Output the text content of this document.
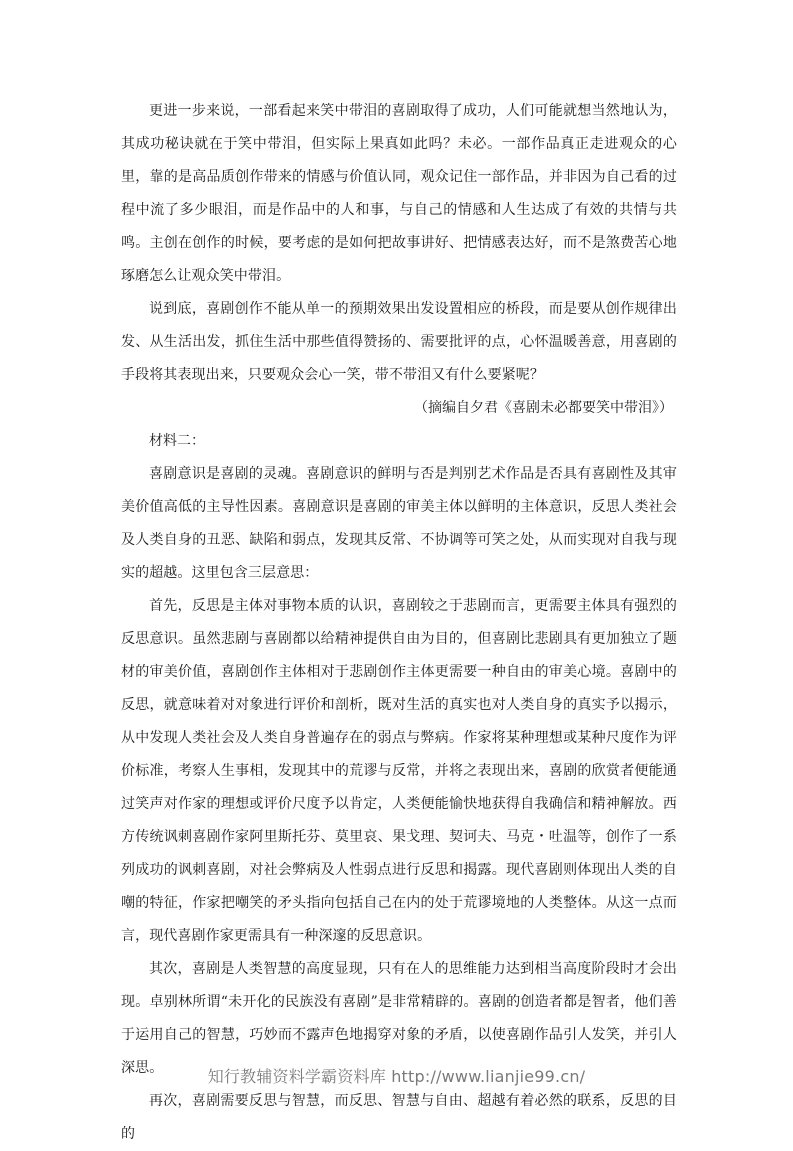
更进一步来说，一部看起来笑中带泪的喜剧取得了成功，人们可能就想当然地认为，其成功秘诀就在于笑中带泪，但实际上果真如此吗？未必。一部作品真正走进观众的心里，靠的是高品质创作带来的情感与价值认同，观众记住一部作品，并非因为自己看的过程中流了多少眼泪，而是作品中的人和事，与自己的情感和人生达成了有效的共情与共鸣。主创在创作的时候，要考虑的是如何把故事讲好、把情感表达好，而不是煞费苦心地琢磨怎么让观众笑中带泪。

说到底，喜剧创作不能从单一的预期效果出发设置相应的桥段，而是要从创作规律出发、从生活出发，抓住生活中那些值得赞扬的、需要批评的点，心怀温暖善意，用喜剧的手段将其表现出来，只要观众会心一笑，带不带泪又有什么要紧呢？

（摘编自夕君《喜剧未必都要笑中带泪》）

材料二：

喜剧意识是喜剧的灵魂。喜剧意识的鲜明与否是判别艺术作品是否具有喜剧性及其审美价值高低的主导性因素。喜剧意识是喜剧的审美主体以鲜明的主体意识，反思人类社会及人类自身的丑恶、缺陷和弱点，发现其反常、不协调等可笑之处，从而实现对自我与现实的超越。这里包含三层意思：

首先，反思是主体对事物本质的认识，喜剧较之于悲剧而言，更需要主体具有强烈的反思意识。虽然悲剧与喜剧都以给精神提供自由为目的，但喜剧比悲剧具有更加独立了题材的审美价值，喜剧创作主体相对于悲剧创作主体更需要一种自由的审美心境。喜剧中的反思，就意味着对对象进行评价和剖析，既对生活的真实也对人类自身的真实予以揭示，从中发现人类社会及人类自身普遍存在的弱点与弊病。作家将某种理想或某种尺度作为评价标准，考察人生事相，发现其中的荒谬与反常，并将之表现出来，喜剧的欣赏者便能通过笑声对作家的理想或评价尺度予以肯定，人类便能愉快地获得自我确信和精神解放。西方传统讽刺喜剧作家阿里斯托芬、莫里哀、果戈理、契诃夫、马克・吐温等，创作了一系列成功的讽刺喜剧，对社会弊病及人性弱点进行反思和揭露。现代喜剧则体现出人类的自嘲的特征，作家把嘲笑的矛头指向包括自己在内的处于荒谬境地的人类整体。从这一点而言，现代喜剧作家更需具有一种深邃的反思意识。

其次，喜剧是人类智慧的高度显现，只有在人的思维能力达到相当高度阶段时才会出现。卓别林所谓“未开化的民族没有喜剧”是非常精辟的。喜剧的创造者都是智者，他们善于运用自己的智慧，巧妙而不露声色地揭穿对象的矛盾，以使喜剧作品引人发笑，并引人深思。

再次，喜剧需要反思与智慧，而反思、智慧与自由、超越有着必然的联系，反思的目的

知行教辅资料学霸资料库 http://www.lianjie99.cn/
